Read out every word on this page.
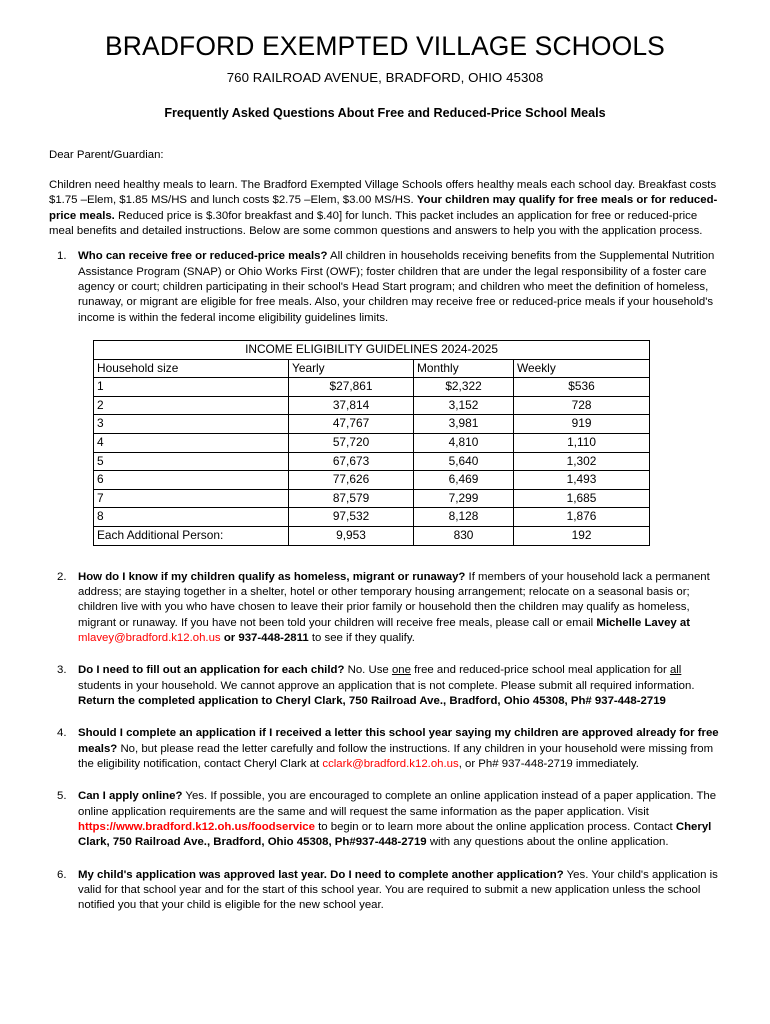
BRADFORD EXEMPTED VILLAGE SCHOOLS
760 RAILROAD AVENUE, BRADFORD, OHIO 45308
Frequently Asked Questions About Free and Reduced-Price School Meals
Dear Parent/Guardian:

Children need healthy meals to learn. The Bradford Exempted Village Schools offers healthy meals each school day. Breakfast costs $1.75 –Elem, $1.85 MS/HS and lunch costs $2.75 –Elem, $3.00 MS/HS. Your children may qualify for free meals or for reduced-price meals. Reduced price is $.30for breakfast and $.40] for lunch. This packet includes an application for free or reduced-price meal benefits and detailed instructions. Below are some common questions and answers to help you with the application process.

1. Who can receive free or reduced-price meals? All children in households receiving benefits from the Supplemental Nutrition Assistance Program (SNAP) or Ohio Works First (OWF); foster children that are under the legal responsibility of a foster care agency or court; children participating in their school's Head Start program; and children who meet the definition of homeless, runaway, or migrant are eligible for free meals. Also, your children may receive free or reduced-price meals if your household's income is within the federal income eligibility guidelines limits.
INCOME ELIGIBILITY GUIDELINES 2024-2025			
Household size	Yearly	Monthly	Weekly
1	$27,861	$2,322	$536
2	37,814	3,152	728
3	47,767	3,981	919
4	57,720	4,810	1,110
5	67,673	5,640	1,302
6	77,626	6,469	1,493
7	87,579	7,299	1,685
8	97,532	8,128	1,876
Each Additional Person:	9,953	830	192
2. How do I know if my children qualify as homeless, migrant or runaway? If members of your household lack a permanent address; are staying together in a shelter, hotel or other temporary housing arrangement; relocate on a seasonal basis or; children live with you who have chosen to leave their prior family or household then the children may qualify as homeless, migrant or runaway. If you have not been told your children will receive free meals, please call or email Michelle Lavey at mlavey@bradford.k12.oh.us or 937-448-2811 to see if they qualify.
3. Do I need to fill out an application for each child? No. Use one free and reduced-price school meal application for all students in your household. We cannot approve an application that is not complete. Please submit all required information. Return the completed application to Cheryl Clark, 750 Railroad Ave., Bradford, Ohio 45308, Ph# 937-448-2719
4. Should I complete an application if I received a letter this school year saying my children are approved already for free meals? No, but please read the letter carefully and follow the instructions. If any children in your household were missing from the eligibility notification, contact Cheryl Clark at cclark@bradford.k12.oh.us, or Ph# 937-448-2719 immediately.
5. Can I apply online? Yes. If possible, you are encouraged to complete an online application instead of a paper application. The online application requirements are the same and will request the same information as the paper application. Visit https://www.bradford.k12.oh.us/foodservice to begin or to learn more about the online application process. Contact Cheryl Clark, 750 Railroad Ave., Bradford, Ohio 45308, Ph#937-448-2719 with any questions about the online application.
6. My child's application was approved last year. Do I need to complete another application? Yes. Your child's application is valid for that school year and for the start of this school year. You are required to submit a new application unless the school notified you that your child is eligible for the new school year.
